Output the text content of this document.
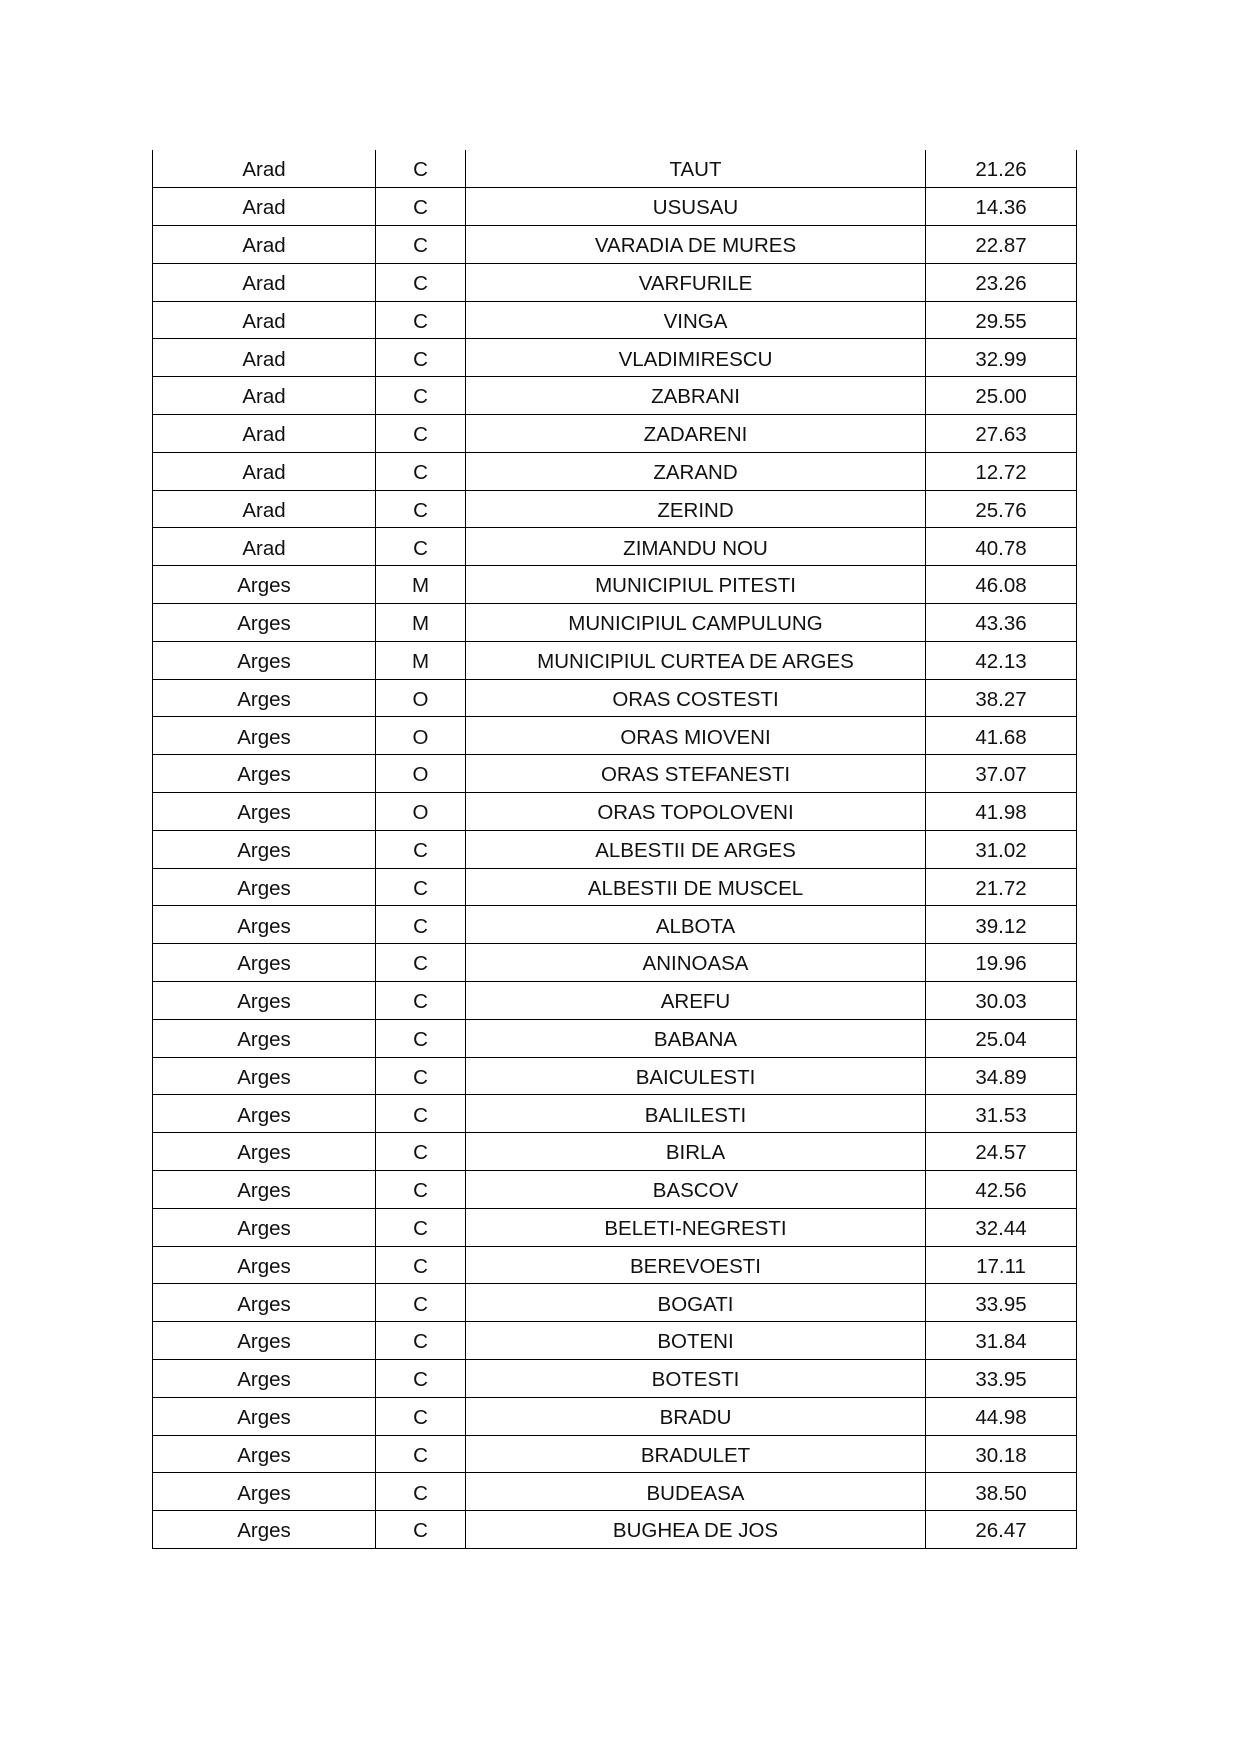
Arad	C	TAUT	21.26
Arad	C	USUSAU	14.36
Arad	C	VARADIA DE MURES	22.87
Arad	C	VARFURILE	23.26
Arad	C	VINGA	29.55
Arad	C	VLADIMIRESCU	32.99
Arad	C	ZABRANI	25.00
Arad	C	ZADARENI	27.63
Arad	C	ZARAND	12.72
Arad	C	ZERIND	25.76
Arad	C	ZIMANDU NOU	40.78
Arges	M	MUNICIPIUL PITESTI	46.08
Arges	M	MUNICIPIUL CAMPULUNG	43.36
Arges	M	MUNICIPIUL CURTEA DE ARGES	42.13
Arges	O	ORAS COSTESTI	38.27
Arges	O	ORAS MIOVENI	41.68
Arges	O	ORAS STEFANESTI	37.07
Arges	O	ORAS TOPOLOVENI	41.98
Arges	C	ALBESTII DE ARGES	31.02
Arges	C	ALBESTII DE MUSCEL	21.72
Arges	C	ALBOTA	39.12
Arges	C	ANINOASA	19.96
Arges	C	AREFU	30.03
Arges	C	BABANA	25.04
Arges	C	BAICULESTI	34.89
Arges	C	BALILESTI	31.53
Arges	C	BIRLA	24.57
Arges	C	BASCOV	42.56
Arges	C	BELETI-NEGRESTI	32.44
Arges	C	BEREVOESTI	17.11
Arges	C	BOGATI	33.95
Arges	C	BOTENI	31.84
Arges	C	BOTESTI	33.95
Arges	C	BRADU	44.98
Arges	C	BRADULET	30.18
Arges	C	BUDEASA	38.50
Arges	C	BUGHEA DE JOS	26.47
